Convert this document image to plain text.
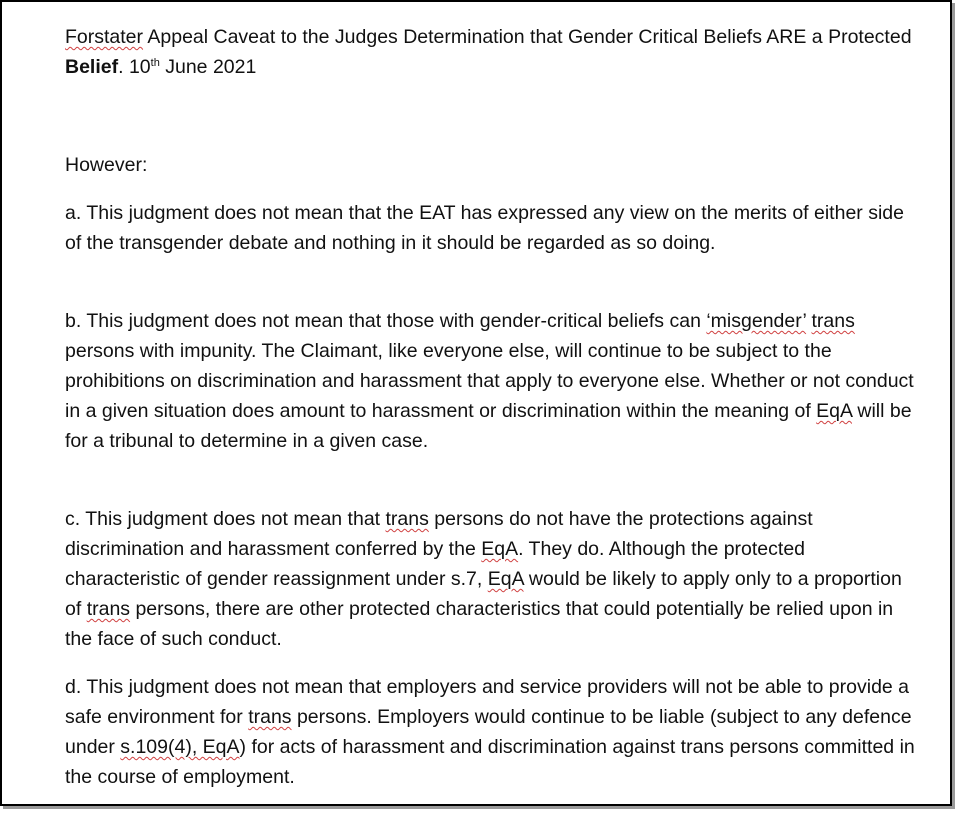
Forstater Appeal Caveat to the Judges Determination that Gender Critical Beliefs ARE a Protected Belief. 10th June 2021

However:

a. This judgment does not mean that the EAT has expressed any view on the merits of either side of the transgender debate and nothing in it should be regarded as so doing.

b. This judgment does not mean that those with gender-critical beliefs can ‘misgender’ trans persons with impunity. The Claimant, like everyone else, will continue to be subject to the prohibitions on discrimination and harassment that apply to everyone else. Whether or not conduct in a given situation does amount to harassment or discrimination within the meaning of EqA will be for a tribunal to determine in a given case.

c. This judgment does not mean that trans persons do not have the protections against discrimination and harassment conferred by the EqA. They do. Although the protected characteristic of gender reassignment under s.7, EqA would be likely to apply only to a proportion of trans persons, there are other protected characteristics that could potentially be relied upon in the face of such conduct.

d. This judgment does not mean that employers and service providers will not be able to provide a safe environment for trans persons. Employers would continue to be liable (subject to any defence under s.109(4), EqA) for acts of harassment and discrimination against trans persons committed in the course of employment.
